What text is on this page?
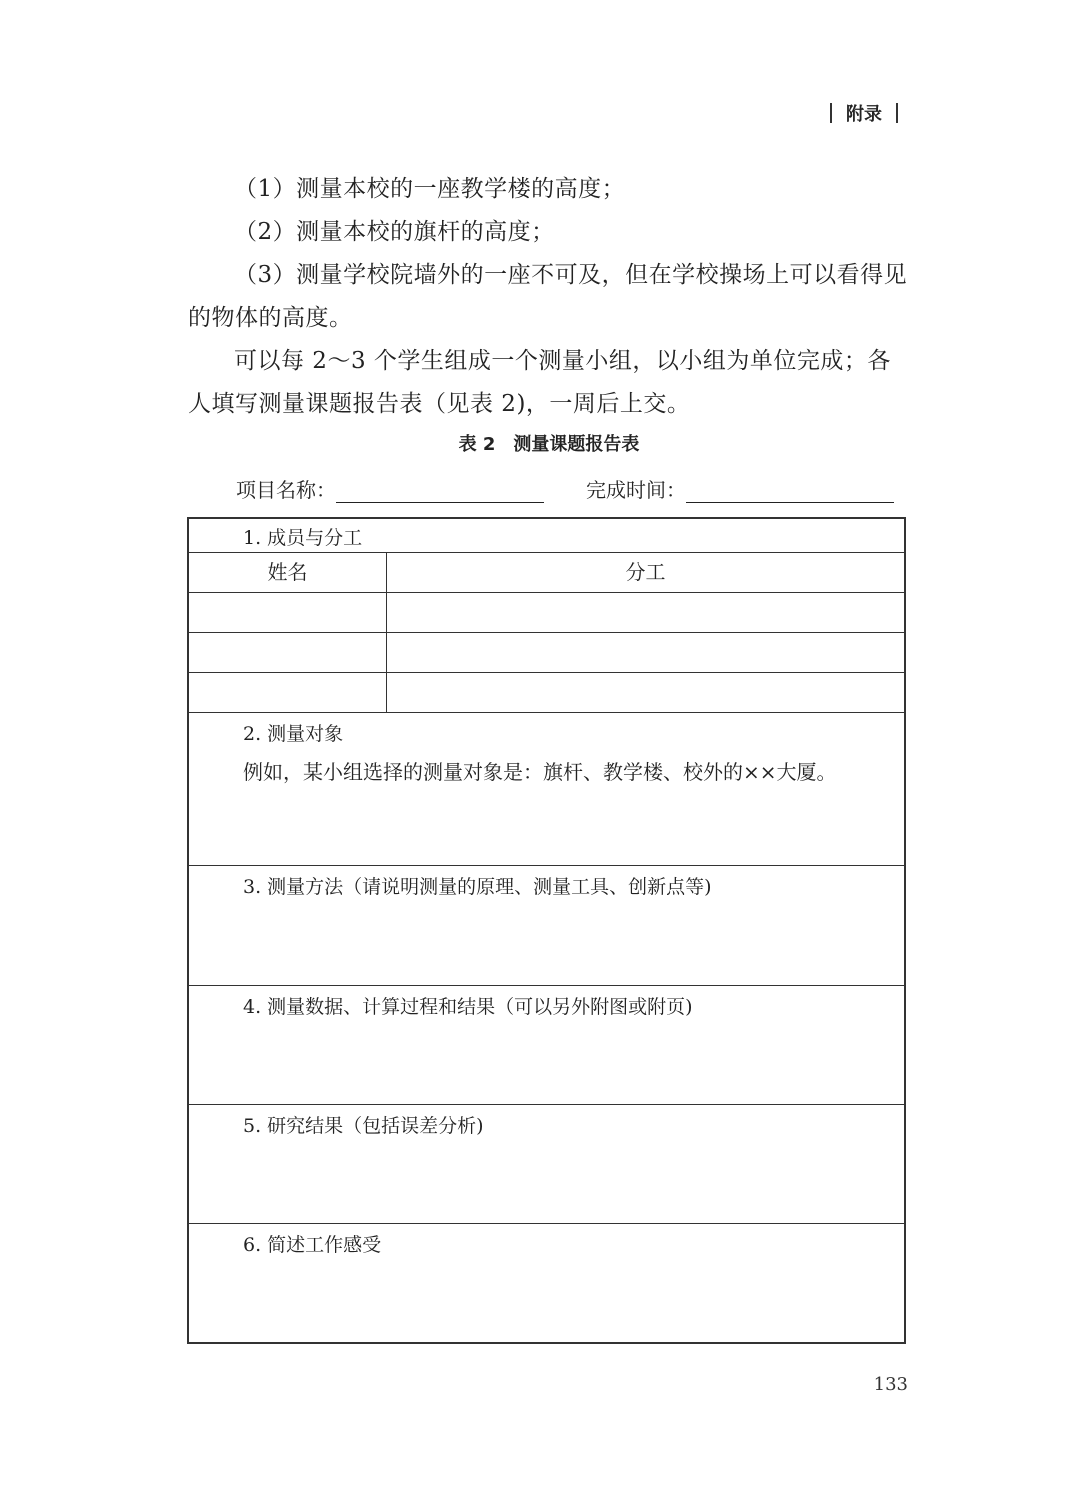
附录
（1）测量本校的一座教学楼的高度；
（2）测量本校的旗杆的高度；
（3）测量学校院墙外的一座不可及，但在学校操场上可以看得见的物体的高度。
可以每 2～3 个学生组成一个测量小组，以小组为单位完成；各人填写测量课题报告表（见表 2)，一周后上交。
表 2　测量课题报告表
项目名称：	完成时间：
1. 成员与分工
姓名	分工
2. 测量对象
例如，某小组选择的测量对象是：旗杆、教学楼、校外的××大厦。
3. 测量方法（请说明测量的原理、测量工具、创新点等)
4. 测量数据、计算过程和结果（可以另外附图或附页)
5. 研究结果（包括误差分析)
6. 简述工作感受
133
